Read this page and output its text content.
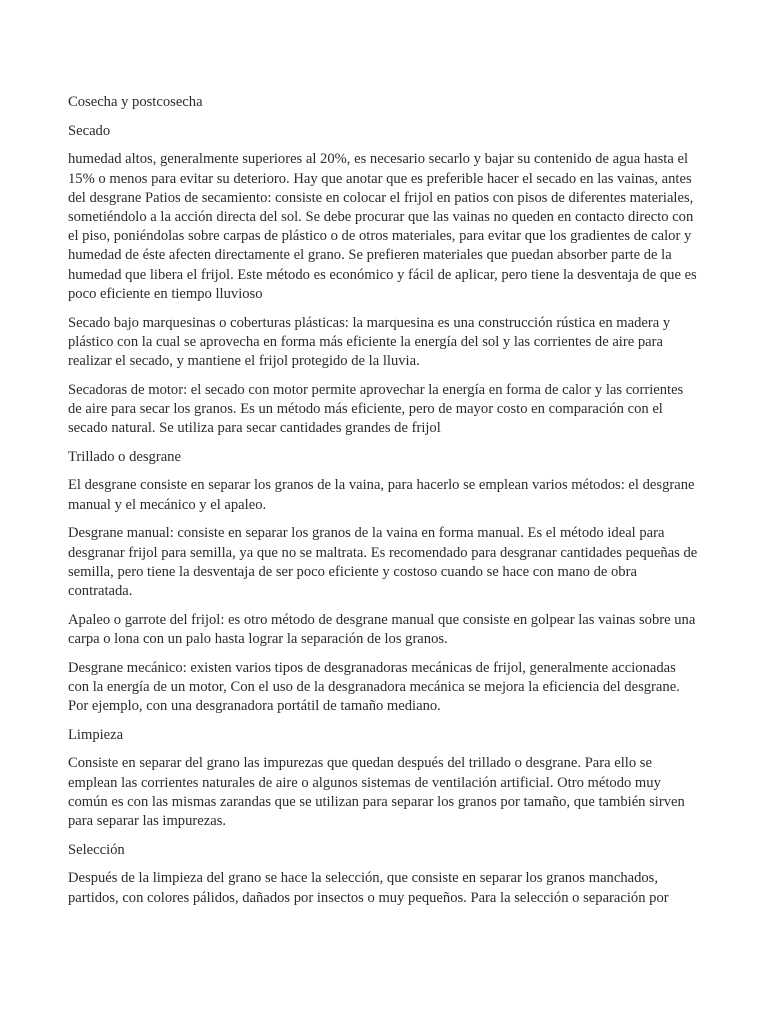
Cosecha y postcosecha

Secado

humedad altos, generalmente superiores al 20%, es necesario secarlo y bajar su contenido de agua hasta el 15% o menos para evitar su deterioro. Hay que anotar que es preferible hacer el secado en las vainas, antes del desgrane Patios de secamiento: consiste en colocar el frijol en patios con pisos de diferentes materiales, sometiéndolo a la acción directa del sol. Se debe procurar que las vainas no queden en contacto directo con el piso, poniéndolas sobre carpas de plástico o de otros materiales, para evitar que los gradientes de calor y humedad de éste afecten directamente el grano. Se prefieren materiales que puedan absorber parte de la humedad que libera el frijol. Este método es económico y fácil de aplicar, pero tiene la desventaja de que es poco eficiente en tiempo lluvioso

Secado bajo marquesinas o coberturas plásticas: la marquesina es una construcción rústica en madera y plástico con la cual se aprovecha en forma más eficiente la energía del sol y las corrientes de aire para realizar el secado, y mantiene el frijol protegido de la lluvia.

Secadoras de motor: el secado con motor permite aprovechar la energía en forma de calor y las corrientes de aire para secar los granos. Es un método más eficiente, pero de mayor costo en comparación con el secado natural. Se utiliza para secar cantidades grandes de frijol

Trillado o desgrane

El desgrane consiste en separar los granos de la vaina, para hacerlo se emplean varios métodos: el desgrane manual y el mecánico y el apaleo.

Desgrane manual: consiste en separar los granos de la vaina en forma manual. Es el método ideal para desgranar frijol para semilla, ya que no se maltrata. Es recomendado para desgranar cantidades pequeñas de semilla, pero tiene la desventaja de ser poco eficiente y costoso cuando se hace con mano de obra contratada.

Apaleo o garrote del frijol: es otro método de desgrane manual que consiste en golpear las vainas sobre una carpa o lona con un palo hasta lograr la separación de los granos.

Desgrane mecánico: existen varios tipos de desgranadoras mecánicas de frijol, generalmente accionadas con la energía de un motor, Con el uso de la desgranadora mecánica se mejora la eficiencia del desgrane. Por ejemplo, con una desgranadora portátil de tamaño mediano.

Limpieza

Consiste en separar del grano las impurezas que quedan después del trillado o desgrane. Para ello se emplean las corrientes naturales de aire o algunos sistemas de ventilación artificial. Otro método muy común es con las mismas zarandas que se utilizan para separar los granos por tamaño, que también sirven para separar las impurezas.

Selección

Después de la limpieza del grano se hace la selección, que consiste en separar los granos manchados, partidos, con colores pálidos, dañados por insectos o muy pequeños. Para la selección o separación por
